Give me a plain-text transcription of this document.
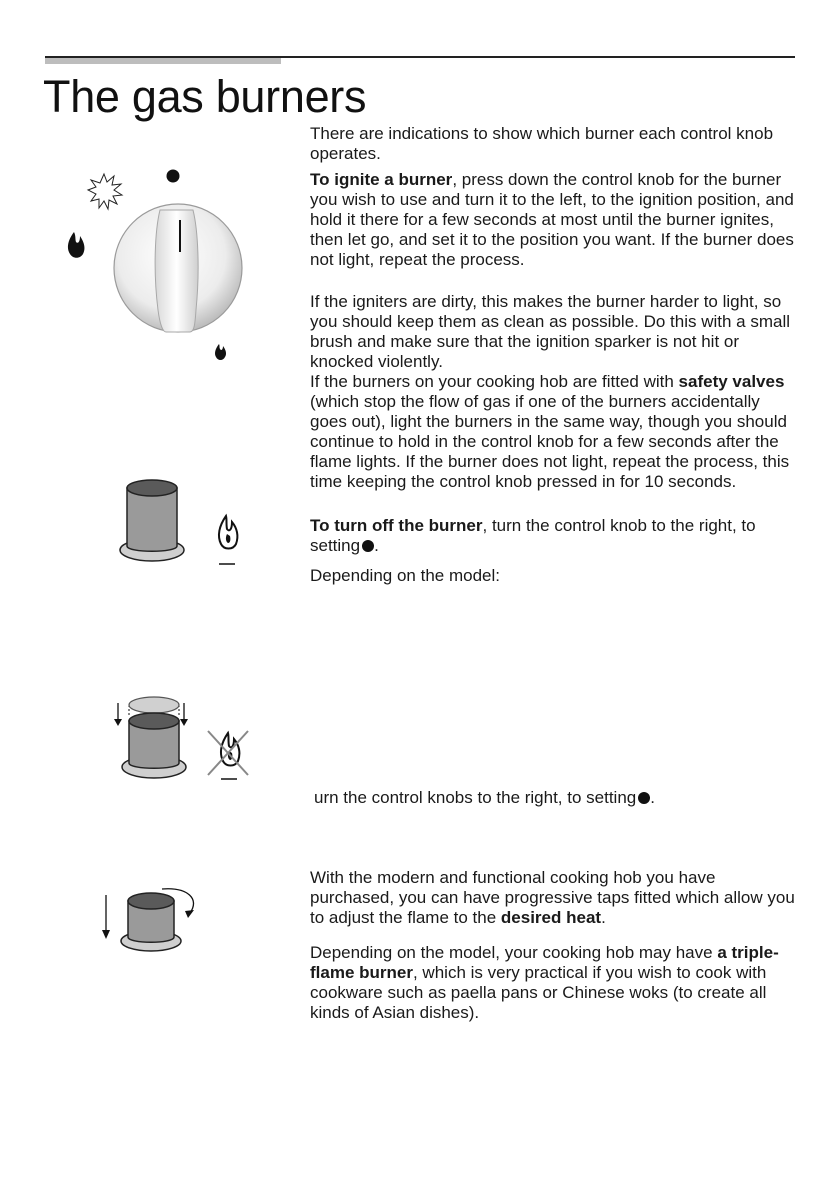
The gas burners

There are indications to show which burner each control knob operates.

To ignite a burner, press down the control knob for the burner you wish to use and turn it to the left, to the ignition position, and hold it there for a few seconds at most until the burner ignites, then let go, and set it to the position you want. If the burner does not light, repeat the process.

If the igniters are dirty, this makes the burner harder to light, so you should keep them as clean as possible. Do this with a small brush and make sure that the ignition sparker is not hit or knocked violently.

If the burners on your cooking hob are fitted with safety valves (which stop the flow of gas if one of the burners accidentally goes out), light the burners in the same way, though you should continue to hold in the control knob for a few seconds after the flame lights. If the burner does not light, repeat the process, this time keeping the control knob pressed in for 10 seconds.

To turn off the burner, turn the control knob to the right, to setting .

Depending on the model:

urn the control knobs to the right, to setting .

With the modern and functional cooking hob you have purchased, you can have progressive taps fitted which allow you to adjust the flame to the desired heat.

Depending on the model, your cooking hob may have a triple-flame burner, which is very practical if you wish to cook with cookware such as paella pans or Chinese woks (to create all kinds of Asian dishes).
